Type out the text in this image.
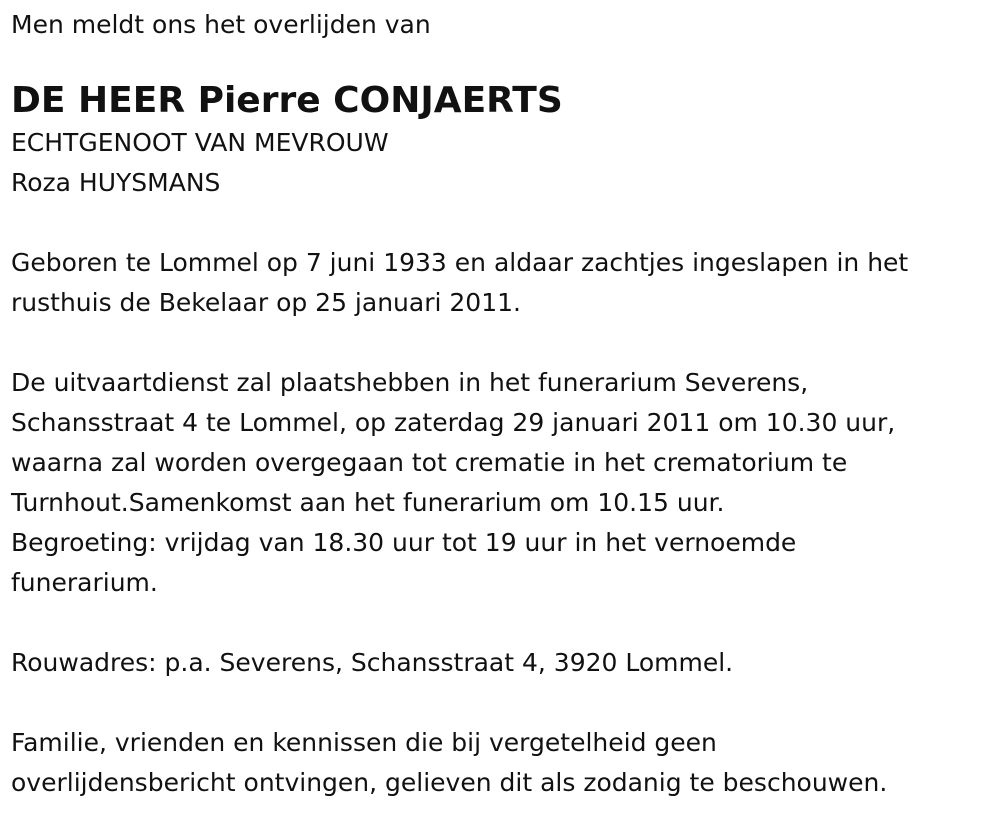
Men meldt ons het overlijden van
DE HEER Pierre CONJAERTS
ECHTGENOOT VAN MEVROUW
Roza HUYSMANS
Geboren te Lommel op 7 juni 1933 en aldaar zachtjes ingeslapen in het
rusthuis de Bekelaar op 25 januari 2011.
De uitvaartdienst zal plaatshebben in het funerarium Severens,
Schansstraat 4 te Lommel, op zaterdag 29 januari 2011 om 10.30 uur,
waarna zal worden overgegaan tot crematie in het crematorium te
Turnhout.Samenkomst aan het funerarium om 10.15 uur.
Begroeting: vrijdag van 18.30 uur tot 19 uur in het vernoemde
funerarium.
Rouwadres: p.a. Severens, Schansstraat 4, 3920 Lommel.
Familie, vrienden en kennissen die bij vergetelheid geen
overlijdensbericht ontvingen, gelieven dit als zodanig te beschouwen.
